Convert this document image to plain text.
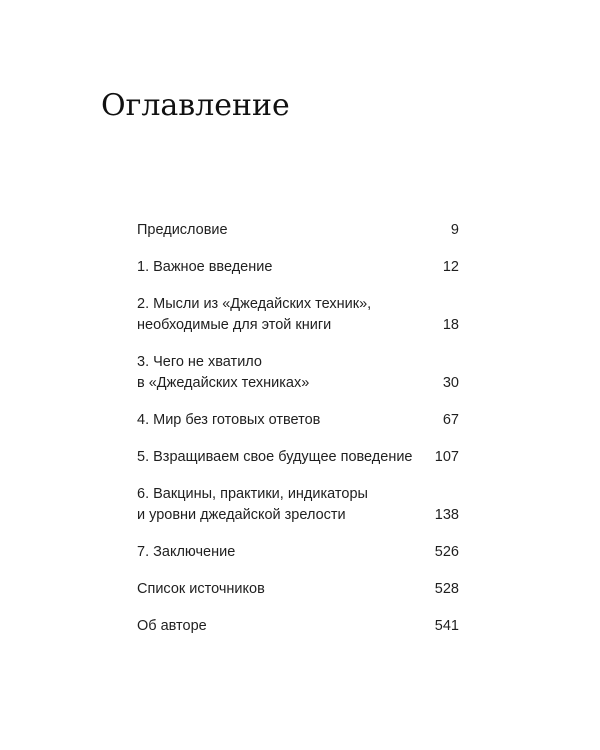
Оглавление
Предисловие	9
1. Важное введение	12
2. Мысли из «Джедайских техник»,
необходимые для этой книги	18
3. Чего не хватило
в «Джедайских техниках»	30
4. Мир без готовых ответов	67
5. Взращиваем свое будущее поведение	107
6. Вакцины, практики, индикаторы
и уровни джедайской зрелости	138
7. Заключение	526
Список источников	528
Об авторе	541
